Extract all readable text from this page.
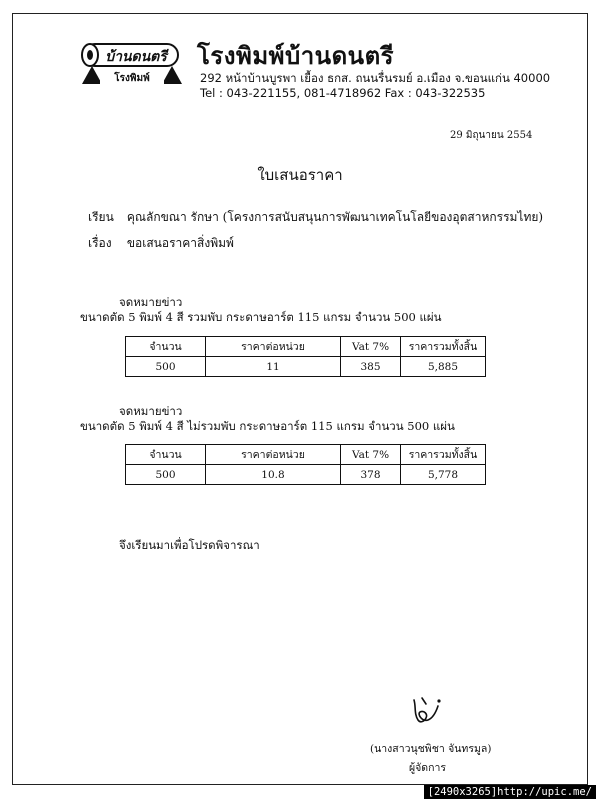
บ้านดนตรี
โรงพิมพ์
โรงพิมพ์บ้านดนตรี
292 หน้าบ้านบูรพา เยื้อง ธกส. ถนนรื่นรมย์ อ.เมือง จ.ขอนแก่น 40000
Tel : 043-221155, 081-4718962 Fax : 043-322535
29 มิถุนายน 2554
ใบเสนอราคา
เรียน คุณลักขณา รักษา (โครงการสนับสนุนการพัฒนาเทคโนโลยีของอุตสาหกรรมไทย)
เรื่อง ขอเสนอราคาสิ่งพิมพ์
จดหมายข่าว
ขนาดตัด 5 พิมพ์ 4 สี รวมพับ กระดาษอาร์ต 115 แกรม จำนวน 500 แผ่น
จำนวน	ราคาต่อหน่วย	Vat 7%	ราคารวมทั้งสิ้น
500	11	385	5,885
จดหมายข่าว
ขนาดตัด 5 พิมพ์ 4 สี ไม่รวมพับ กระดาษอาร์ต 115 แกรม จำนวน 500 แผ่น
จำนวน	ราคาต่อหน่วย	Vat 7%	ราคารวมทั้งสิ้น
500	10.8	378	5,778
จึงเรียนมาเพื่อโปรดพิจารณา
(นางสาวนุชพิชา จันทรมูล)
ผู้จัดการ
[2490x3265]http://upic.me/
